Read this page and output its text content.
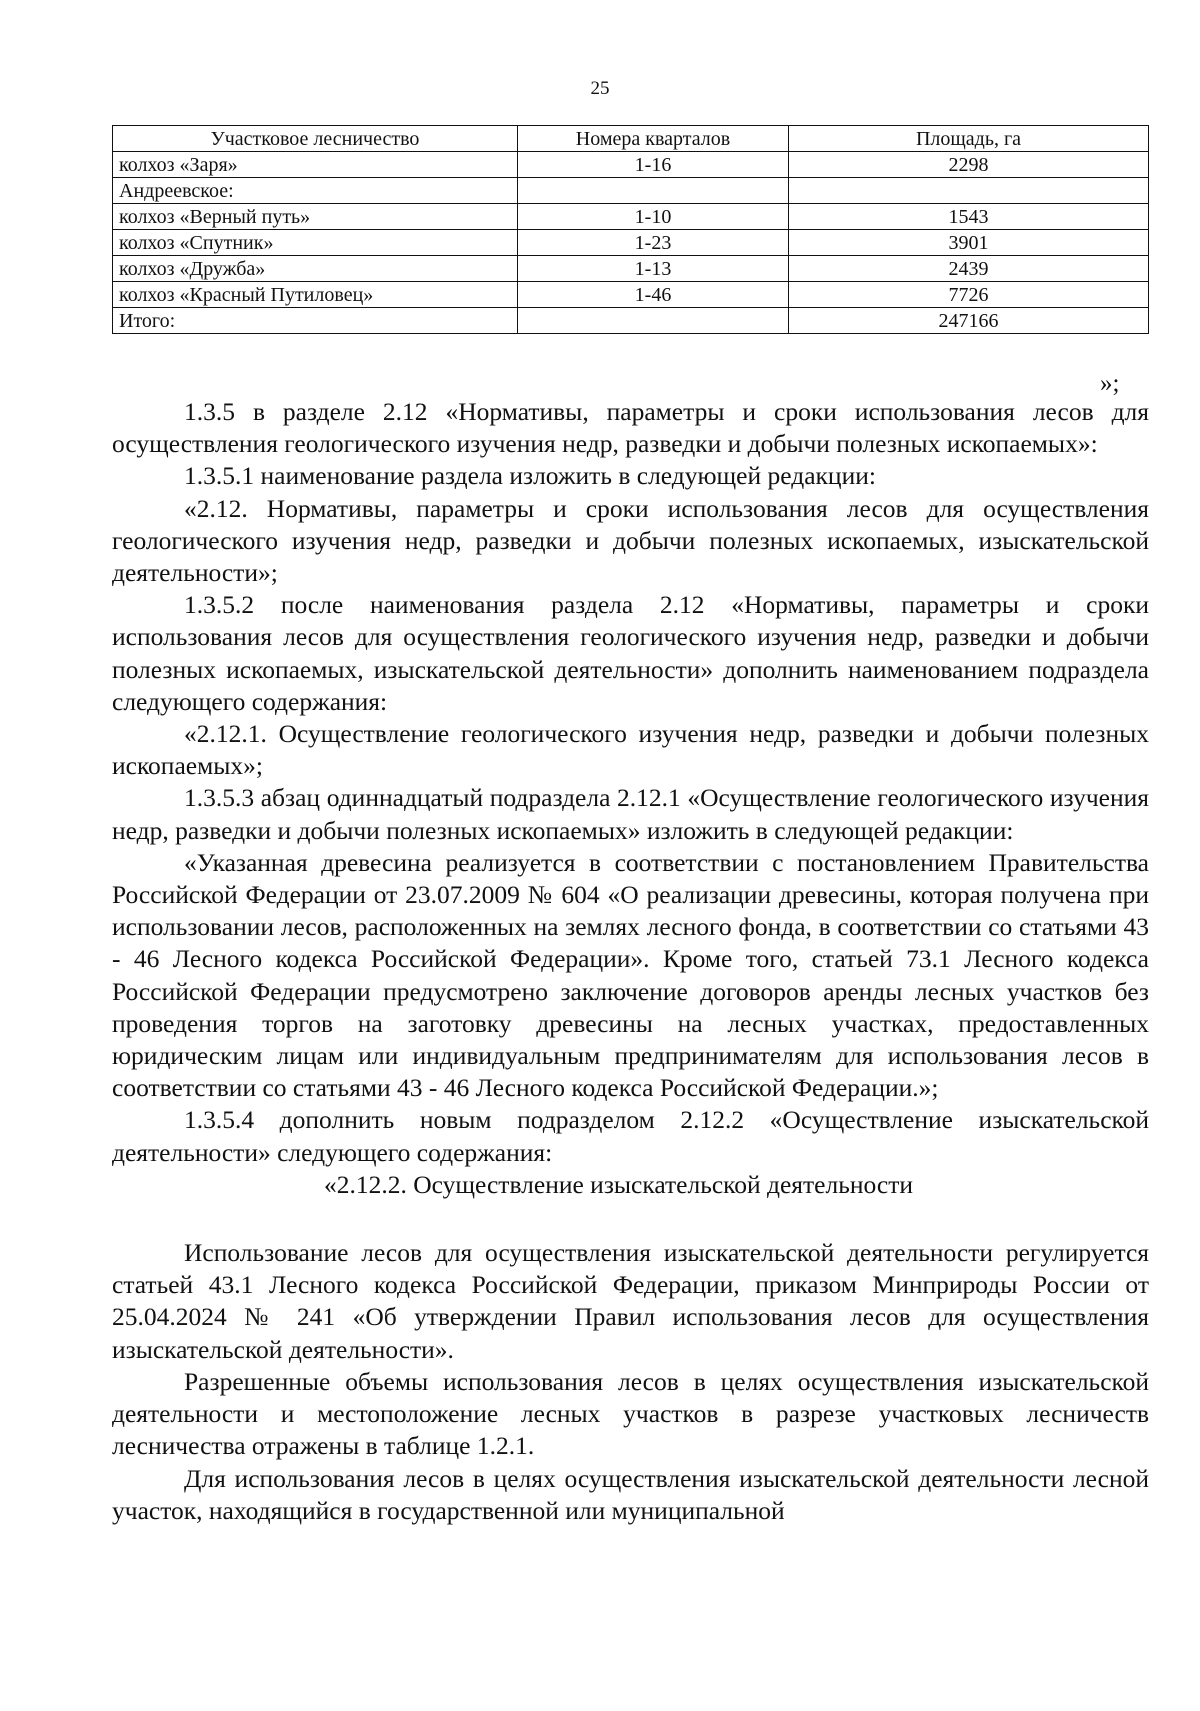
25
Участковое лесничество	Номера кварталов	Площадь, га
колхоз «Заря»	1-16	2298
Андреевское:		
колхоз «Верный путь»	1-10	1543
колхоз «Спутник»	1-23	3901
колхоз «Дружба»	1-13	2439
колхоз «Красный Путиловец»	1-46	7726
Итого:		247166
»;

1.3.5 в разделе 2.12 «Нормативы, параметры и сроки использования лесов для осуществления геологического изучения недр, разведки и добычи полезных ископаемых»:

1.3.5.1 наименование раздела изложить в следующей редакции:

«2.12. Нормативы, параметры и сроки использования лесов для осуществления геологического изучения недр, разведки и добычи полезных ископаемых, изыскательской деятельности»;

1.3.5.2 после наименования раздела 2.12 «Нормативы, параметры и сроки использования лесов для осуществления геологического изучения недр, разведки и добычи полезных ископаемых, изыскательской деятельности» дополнить наименованием подраздела следующего содержания:

«2.12.1. Осуществление геологического изучения недр, разведки и добычи полезных ископаемых»;

1.3.5.3 абзац одиннадцатый подраздела 2.12.1 «Осуществление геологического изучения недр, разведки и добычи полезных ископаемых» изложить в следующей редакции:

«Указанная древесина реализуется в соответствии с постановлением Правительства Российской Федерации от 23.07.2009 № 604 «О реализации древесины, которая получена при использовании лесов, расположенных на землях лесного фонда, в соответствии со статьями 43 - 46 Лесного кодекса Российской Федерации». Кроме того, статьей 73.1 Лесного кодекса Российской Федерации предусмотрено заключение договоров аренды лесных участков без проведения торгов на заготовку древесины на лесных участках, предоставленных юридическим лицам или индивидуальным предпринимателям для использования лесов в соответствии со статьями 43 - 46 Лесного кодекса Российской Федерации.»;

1.3.5.4 дополнить новым подразделом 2.12.2 «Осуществление изыскательской деятельности» следующего содержания:

«2.12.2. Осуществление изыскательской деятельности

Использование лесов для осуществления изыскательской деятельности регулируется статьей 43.1 Лесного кодекса Российской Федерации, приказом Минприроды России от 25.04.2024 № 241 «Об утверждении Правил использования лесов для осуществления изыскательской деятельности».

Разрешенные объемы использования лесов в целях осуществления изыскательской деятельности и местоположение лесных участков в разрезе участковых лесничеств лесничества отражены в таблице 1.2.1.

Для использования лесов в целях осуществления изыскательской деятельности лесной участок, находящийся в государственной или муниципальной
